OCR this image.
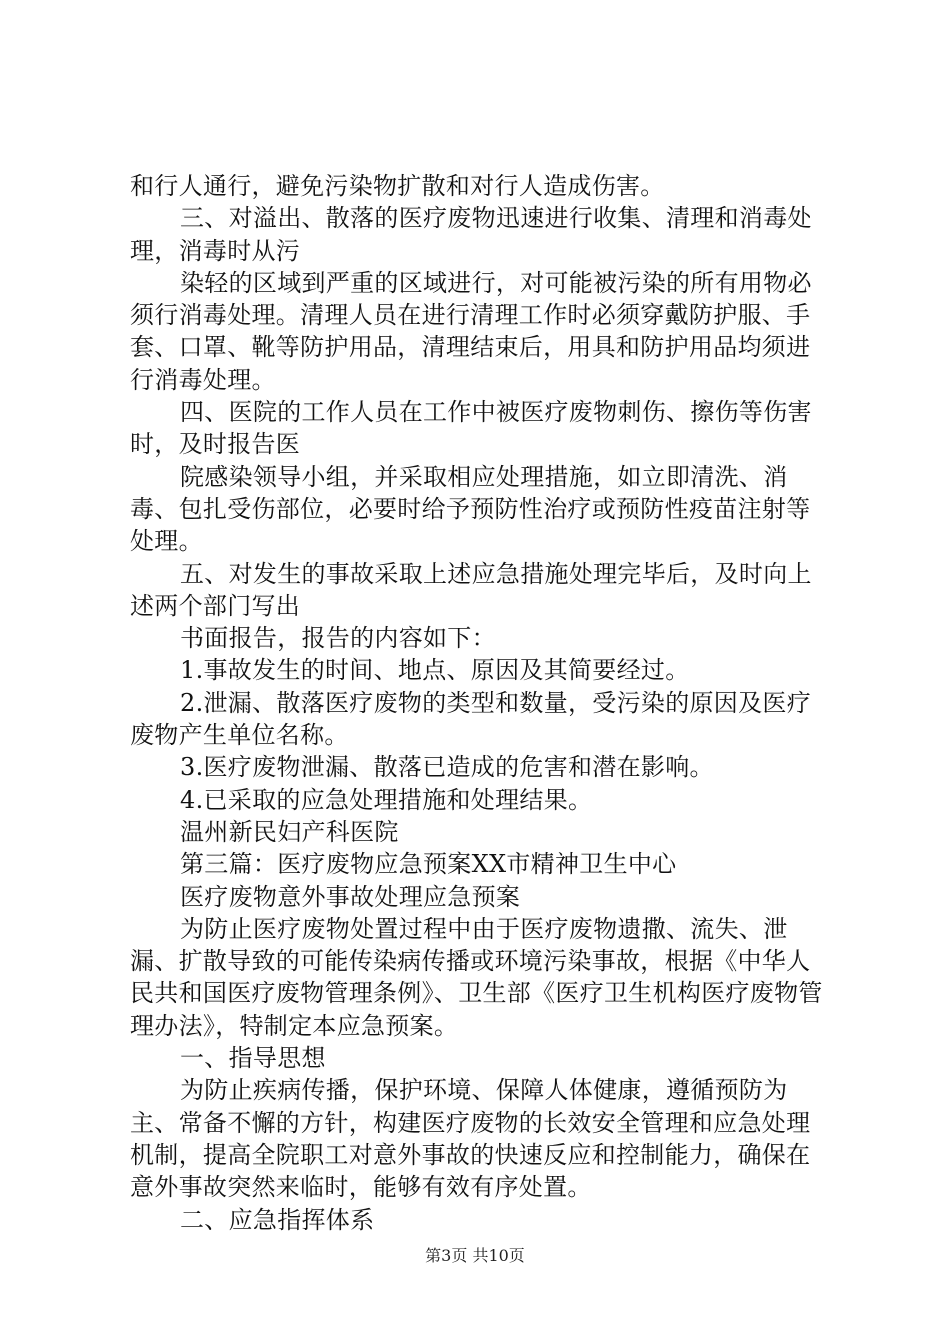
和行人通行，避免污染物扩散和对行人造成伤害。

三、对溢出、散落的医疗废物迅速进行收集、清理和消毒处理，消毒时从污

染轻的区域到严重的区域进行，对可能被污染的所有用物必须行消毒处理。清理人员在进行清理工作时必须穿戴防护服、手套、口罩、靴等防护用品，清理结束后，用具和防护用品均须进行消毒处理。

四、医院的工作人员在工作中被医疗废物刺伤、擦伤等伤害时，及时报告医

院感染领导小组，并采取相应处理措施，如立即清洗、消毒、包扎受伤部位，必要时给予预防性治疗或预防性疫苗注射等处理。

五、对发生的事故采取上述应急措施处理完毕后，及时向上述两个部门写出

书面报告，报告的内容如下：

1.事故发生的时间、地点、原因及其简要经过。

2.泄漏、散落医疗废物的类型和数量，受污染的原因及医疗废物产生单位名称。

3.医疗废物泄漏、散落已造成的危害和潜在影响。

4.已采取的应急处理措施和处理结果。

温州新民妇产科医院

第三篇：医疗废物应急预案XX市精神卫生中心

医疗废物意外事故处理应急预案

为防止医疗废物处置过程中由于医疗废物遗撒、流失、泄漏、扩散导致的可能传染病传播或环境污染事故，根据《中华人民共和国医疗废物管理条例》、卫生部《医疗卫生机构医疗废物管理办法》，特制定本应急预案。

一、指导思想

为防止疾病传播，保护环境、保障人体健康，遵循预防为主、常备不懈的方针，构建医疗废物的长效安全管理和应急处理机制，提高全院职工对意外事故的快速反应和控制能力，确保在意外事故突然来临时，能够有效有序处置。

二、应急指挥体系

第3页 共10页
